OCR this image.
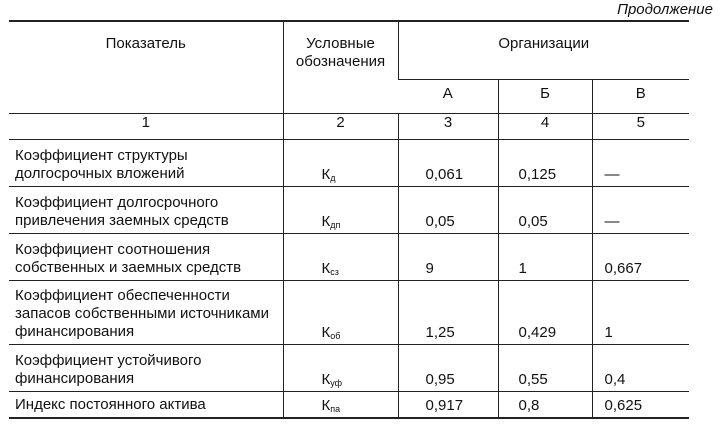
Продолжение
Показатель	Условные обозначения	Организации		
		А	Б	В
1	2	3	4	5
Коэффициент структуры долгосрочных вложений	$К_д$	0,061	0,125	—
Коэффициент долгосрочного привлечения заемных средств	$К_{дп}$	0,05	0,05	—
Коэффициент соотношения собственных и заемных средств	$К_{сз}$	9	1	0,667
Коэффициент обеспеченности запасов собственными источниками финансирования	$К_{об}$	1,25	0,429	1
Коэффициент устойчивого финансирования	$К_{уф}$	0,95	0,55	0,4
Индекс постоянного актива	$К_{па}$	0,917	0,8	0,625
